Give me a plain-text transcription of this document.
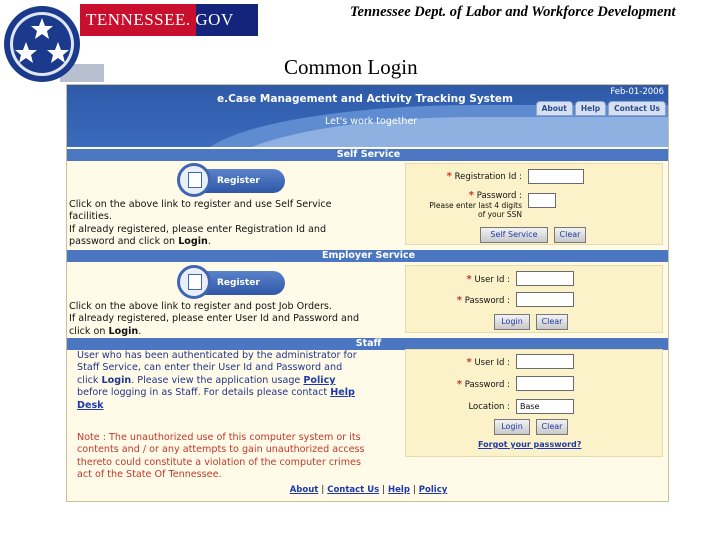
TENNESSEE. GOV	Tennessee Dept. of Labor and Workforce Development
Common Login
e.Case Management and Activity Tracking System
Feb-01-2006
About	Help	Contact Us
Let's work together
Self Service
Register
Click on the above link to register and use Self Service
facilities.
If already registered, please enter Registration Id and
password and click on Login.
* Registration Id :
* Password :
Please enter last 4 digits
of your SSN
Self Service	Clear
Employer Service
Register
Click on the above link to register and post Job Orders.
If already registered, please enter User Id and Password and
click on Login.
* User Id :
* Password :
Login	Clear
Staff
User who has been authenticated by the administrator for
Staff Service, can enter their User Id and Password and
click Login. Please view the application usage Policy
before logging in as Staff. For details please contact Help
Desk
Note : The unauthorized use of this computer system or its
contents and / or any attempts to gain unauthorized access
thereto could constitute a violation of the computer crimes
act of the State Of Tennessee.
* User Id :
* Password :
Location :	Base
Login	Clear
Forgot your password?
About | Contact Us | Help | Policy
